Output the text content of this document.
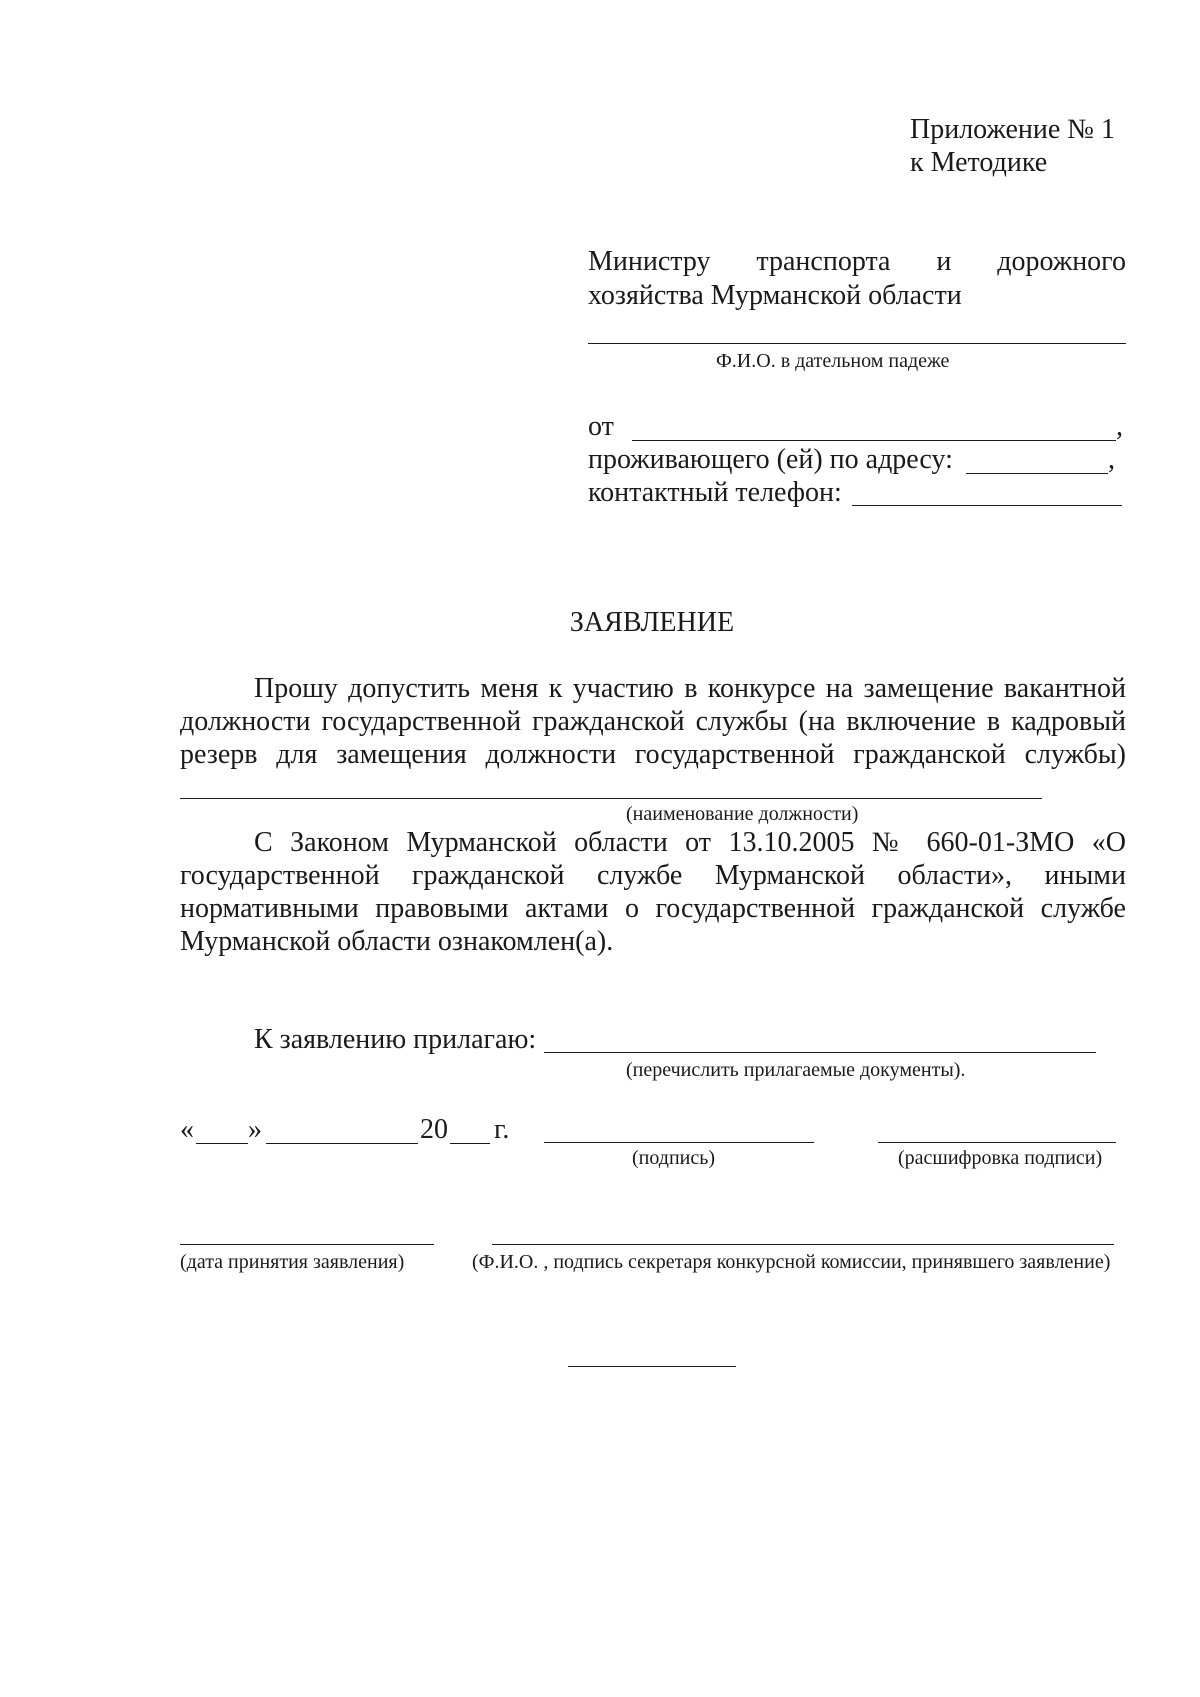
Приложение № 1
к Методике
Министру транспорта и дорожного
хозяйства Мурманской области
Ф.И.О. в дательном падеже
от	,
проживающего (ей) по адресу:	,
контактный телефон:
ЗАЯВЛЕНИЕ
Прошу допустить меня к участию в конкурсе на замещение вакантной
должности государственной гражданской службы (на включение в кадровый
резерв для замещения должности государственной гражданской службы)
(наименование должности)
С Законом Мурманской области от 13.10.2005 № 660-01-ЗМО «О
государственной гражданской службе Мурманской области», иными
нормативными правовыми актами о государственной гражданской службе
Мурманской области ознакомлен(а).
К заявлению прилагаю:
(перечислить прилагаемые документы).
« »	20 г.
(подпись)	(расшифровка подписи)
(дата принятия заявления)	(Ф.И.О. , подпись секретаря конкурсной комиссии, принявшего заявление)
